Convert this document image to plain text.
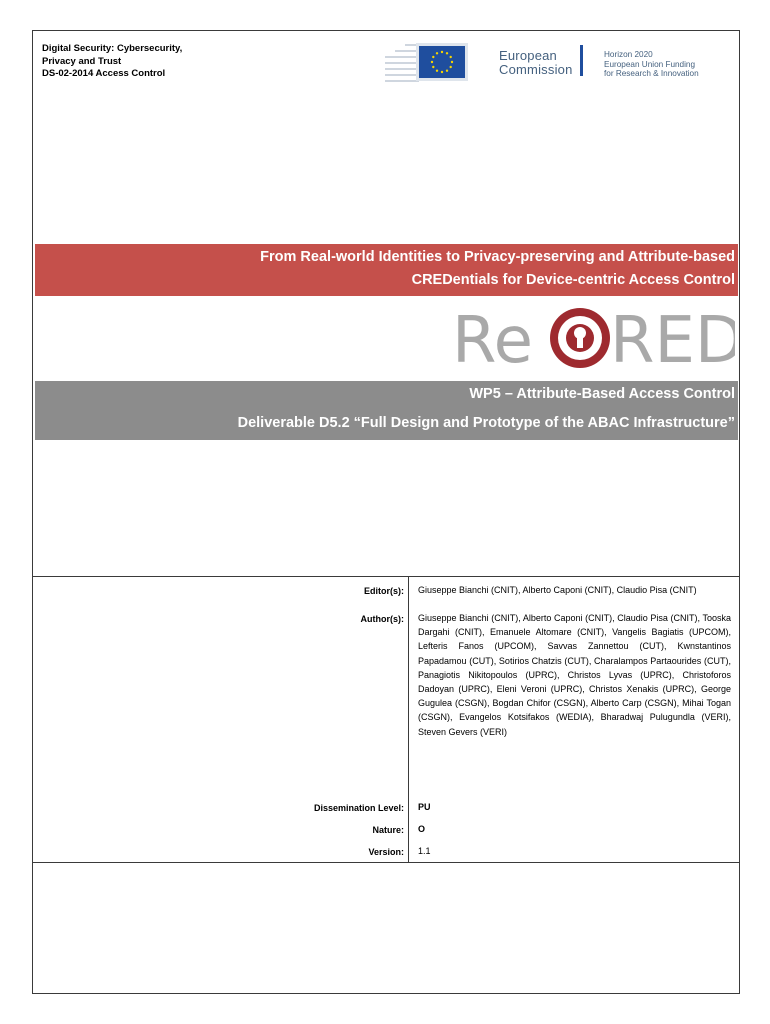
Digital Security: Cybersecurity,
Privacy and Trust
DS-02-2014 Access Control
European
Commission
Horizon 2020
European Union Funding
for Research & Innovation
From Real-world Identities to Privacy-preserving and Attribute-based
CREDentials for Device-centric Access Control
Re RED
WP5 – Attribute-Based Access Control
Deliverable D5.2 “Full Design and Prototype of the ABAC Infrastructure”
Editor(s): Giuseppe Bianchi (CNIT), Alberto Caponi (CNIT), Claudio Pisa (CNIT)
Author(s): Giuseppe Bianchi (CNIT), Alberto Caponi (CNIT), Claudio Pisa (CNIT), Tooska Dargahi (CNIT), Emanuele Altomare (CNIT), Vangelis Bagiatis (UPCOM), Lefteris Fanos (UPCOM), Savvas Zannettou (CUT), Kwnstantinos Papadamou (CUT), Sotirios Chatzis (CUT), Charalampos Partaourides (CUT), Panagiotis Nikitopoulos (UPRC), Christos Lyvas (UPRC), Christoforos Dadoyan (UPRC), Eleni Veroni (UPRC), Christos Xenakis (UPRC), George Gugulea (CSGN), Bogdan Chifor (CSGN), Alberto Carp (CSGN), Mihai Togan (CSGN), Evangelos Kotsifakos (WEDIA), Bharadwaj Pulugundla (VERI), Steven Gevers (VERI)
Dissemination Level: PU
Nature: O
Version: 1.1
